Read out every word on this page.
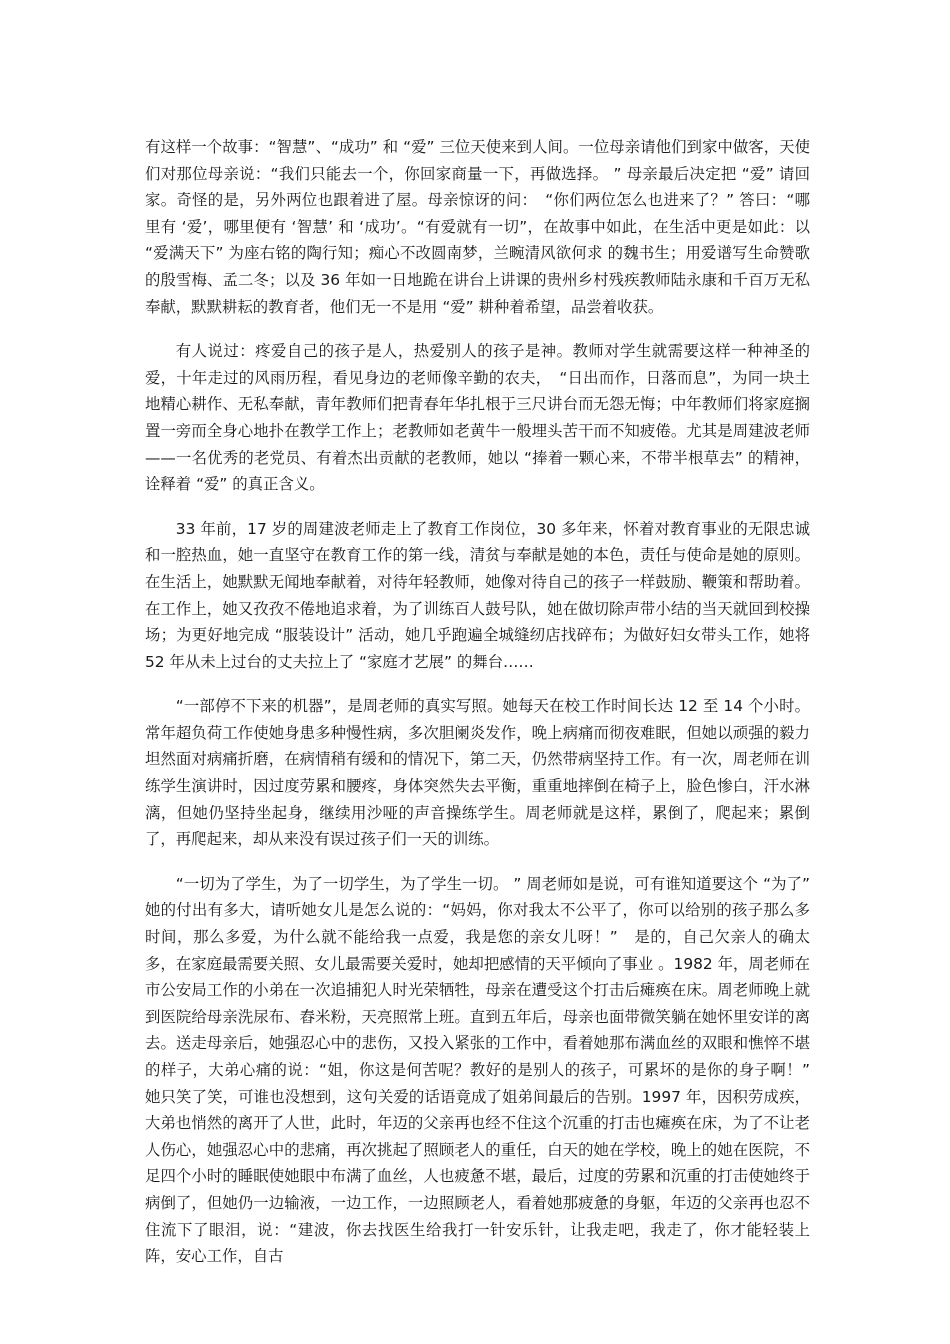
有这样一个故事：“智慧”、“成功” 和 “爱” 三位天使来到人间。一位母亲请他们到家中做客，天使们对那位母亲说：“我们只能去一个，你回家商量一下，再做选择。 ” 母亲最后决定把 “爱” 请回家。奇怪的是，另外两位也跟着进了屋。母亲惊讶的问：　“你们两位怎么也进来了？” 答曰：“哪里有 ‘爱’，哪里便有 ‘智慧’ 和 ‘成功’。“有爱就有一切”，在故事中如此，在生活中更是如此：以 “爱满天下” 为座右铭的陶行知；痴心不改圆南梦，兰畹清风欲何求 的魏书生；用爱谱写生命赞歌的殷雪梅、孟二冬；以及 36 年如一日地跪在讲台上讲课的贵州乡村残疾教师陆永康和千百万无私奉献，默默耕耘的教育者，他们无一不是用 “爱” 耕种着希望，品尝着收获。

有人说过：疼爱自己的孩子是人，热爱别人的孩子是神。教师对学生就需要这样一种神圣的爱，十年走过的风雨历程，看见身边的老师像辛勤的农夫，　“日出而作，日落而息”，为同一块土地精心耕作、无私奉献，青年教师们把青春年华扎根于三尺讲台而无怨无悔；中年教师们将家庭搁置一旁而全身心地扑在教学工作上；老教师如老黄牛一般埋头苦干而不知疲倦。尤其是周建波老师——一名优秀的老党员、有着杰出贡献的老教师，她以 “捧着一颗心来，不带半根草去” 的精神，诠释着 “爱” 的真正含义。

33 年前，17 岁的周建波老师走上了教育工作岗位，30 多年来，怀着对教育事业的无限忠诚和一腔热血，她一直坚守在教育工作的第一线，清贫与奉献是她的本色，责任与使命是她的原则。在生活上，她默默无闻地奉献着，对待年轻教师，她像对待自己的孩子一样鼓励、鞭策和帮助着。在工作上，她又孜孜不倦地追求着，为了训练百人鼓号队，她在做切除声带小结的当天就回到校操场；为更好地完成 “服装设计” 活动，她几乎跑遍全城缝纫店找碎布；为做好妇女带头工作，她将 52 年从未上过台的丈夫拉上了 “家庭才艺展” 的舞台……

“一部停不下来的机器”，是周老师的真实写照。她每天在校工作时间长达 12 至 14 个小时。常年超负荷工作使她身患多种慢性病，多次胆阑炎发作，晚上病痛而彻夜难眠，但她以顽强的毅力坦然面对病痛折磨，在病情稍有缓和的情况下，第二天，仍然带病坚持工作。有一次，周老师在训练学生演讲时，因过度劳累和腰疼，身体突然失去平衡，重重地摔倒在椅子上，脸色惨白，汗水淋漓，但她仍坚持坐起身，继续用沙哑的声音操练学生。周老师就是这样，累倒了，爬起来；累倒了，再爬起来，却从来没有误过孩子们一天的训练。

“一切为了学生，为了一切学生，为了学生一切。 ” 周老师如是说，可有谁知道要这个 “为了” 她的付出有多大，请听她女儿是怎么说的：“妈妈，你对我太不公平了，你可以给别的孩子那么多时间，那么多爱，为什么就不能给我一点爱，我是您的亲女儿呀！”　是的，自己欠亲人的确太多，在家庭最需要关照、女儿最需要关爱时，她却把感情的天平倾向了事业 。1982 年，周老师在市公安局工作的小弟在一次追捕犯人时光荣牺牲，母亲在遭受这个打击后瘫痪在床。周老师晚上就到医院给母亲洗尿布、舂米粉，天亮照常上班。直到五年后，母亲也面带微笑躺在她怀里安详的离去。送走母亲后，她强忍心中的悲伤，又投入紧张的工作中，看着她那布满血丝的双眼和憔悴不堪的样子，大弟心痛的说：“姐，你这是何苦呢？教好的是别人的孩子，可累坏的是你的身子啊！” 她只笑了笑，可谁也没想到，这句关爱的话语竟成了姐弟间最后的告别。1997 年，因积劳成疾，大弟也悄然的离开了人世，此时，年迈的父亲再也经不住这个沉重的打击也瘫痪在床，为了不让老人伤心，她强忍心中的悲痛，再次挑起了照顾老人的重任，白天的她在学校，晚上的她在医院，不足四个小时的睡眠使她眼中布满了血丝，人也疲惫不堪，最后，过度的劳累和沉重的打击使她终于病倒了，但她仍一边输液，一边工作，一边照顾老人，看着她那疲惫的身躯，年迈的父亲再也忍不住流下了眼泪，说：“建波，你去找医生给我打一针安乐针，让我走吧，我走了，你才能轻装上阵，安心工作，自古
